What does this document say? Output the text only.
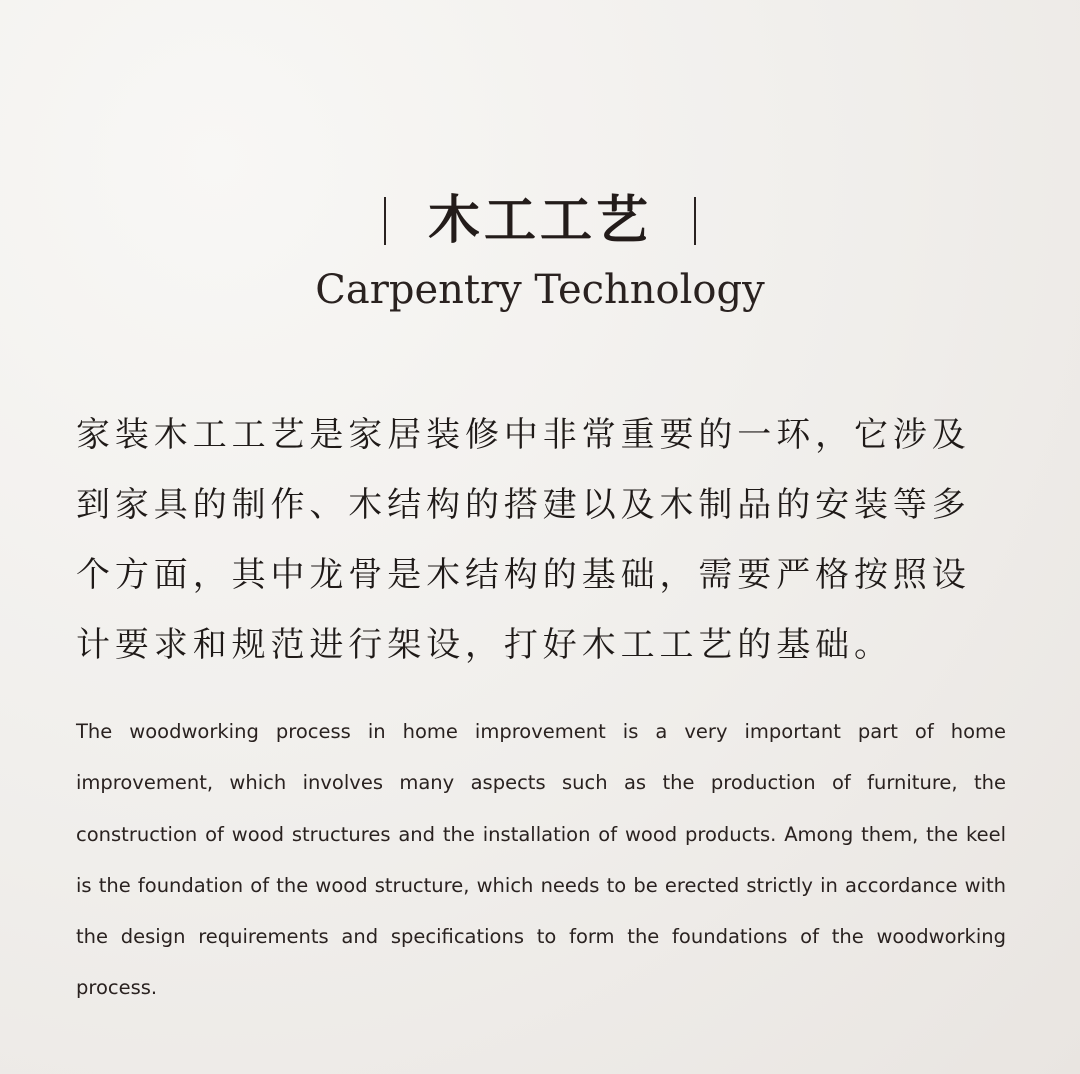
木工工艺
Carpentry Technology

家装木工工艺是家居装修中非常重要的一环，它涉及到家具的制作、木结构的搭建以及木制品的安装等多个方面，其中龙骨是木结构的基础，需要严格按照设计要求和规范进行架设，打好木工工艺的基础。

The woodworking process in home improvement is a very important part of home improvement, which involves many aspects such as the production of furniture, the construction of wood structures and the installation of wood products. Among them, the keel is the foundation of the wood structure, which needs to be erected strictly in accordance with the design requirements and specifications to form the foundations of the woodworking process.
